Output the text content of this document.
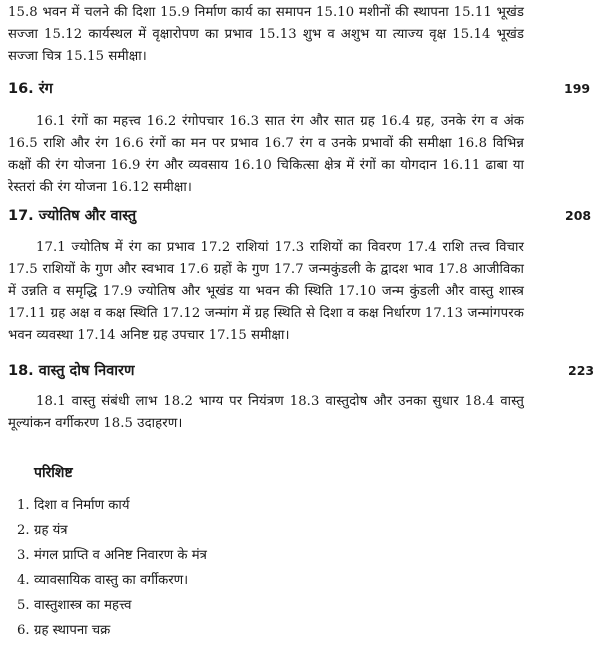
15.8 भवन में चलने की दिशा 15.9 निर्माण कार्य का समापन 15.10 मशीनों की स्थापना 15.11 भूखंड सज्जा 15.12 कार्यस्थल में वृक्षारोपण का प्रभाव 15.13 शुभ व अशुभ या त्याज्य वृक्ष 15.14 भूखंड सज्जा चित्र 15.15 समीक्षा।

16. रंग	199

16.1 रंगों का महत्त्व 16.2 रंगोपचार 16.3 सात रंग और सात ग्रह 16.4 ग्रह, उनके रंग व अंक 16.5 राशि और रंग 16.6 रंगों का मन पर प्रभाव 16.7 रंग व उनके प्रभावों की समीक्षा 16.8 विभिन्न कक्षों की रंग योजना 16.9 रंग और व्यवसाय 16.10 चिकित्सा क्षेत्र में रंगों का योगदान 16.11 ढाबा या रेस्तरां की रंग योजना 16.12 समीक्षा।

17. ज्योतिष और वास्तु	208

17.1 ज्योतिष में रंग का प्रभाव 17.2 राशियां 17.3 राशियों का विवरण 17.4 राशि तत्त्व विचार 17.5 राशियों के गुण और स्वभाव 17.6 ग्रहों के गुण 17.7 जन्मकुंडली के द्वादश भाव 17.8 आजीविका में उन्नति व समृद्धि 17.9 ज्योतिष और भूखंड या भवन की स्थिति 17.10 जन्म कुंडली और वास्तु शास्त्र 17.11 ग्रह अक्ष व कक्ष स्थिति 17.12 जन्मांग में ग्रह स्थिति से दिशा व कक्ष निर्धारण 17.13 जन्मांगपरक भवन व्यवस्था 17.14 अनिष्ट ग्रह उपचार 17.15 समीक्षा।

18. वास्तु दोष निवारण	223

18.1 वास्तु संबंधी लाभ 18.2 भाग्य पर नियंत्रण 18.3 वास्तुदोष और उनका सुधार 18.4 वास्तु मूल्यांकन वर्गीकरण 18.5 उदाहरण।

परिशिष्ट
1. दिशा व निर्माण कार्य
2. ग्रह यंत्र
3. मंगल प्राप्ति व अनिष्ट निवारण के मंत्र
4. व्यावसायिक वास्तु का वर्गीकरण।
5. वास्तुशास्त्र का महत्त्व
6. ग्रह स्थापना चक्र
